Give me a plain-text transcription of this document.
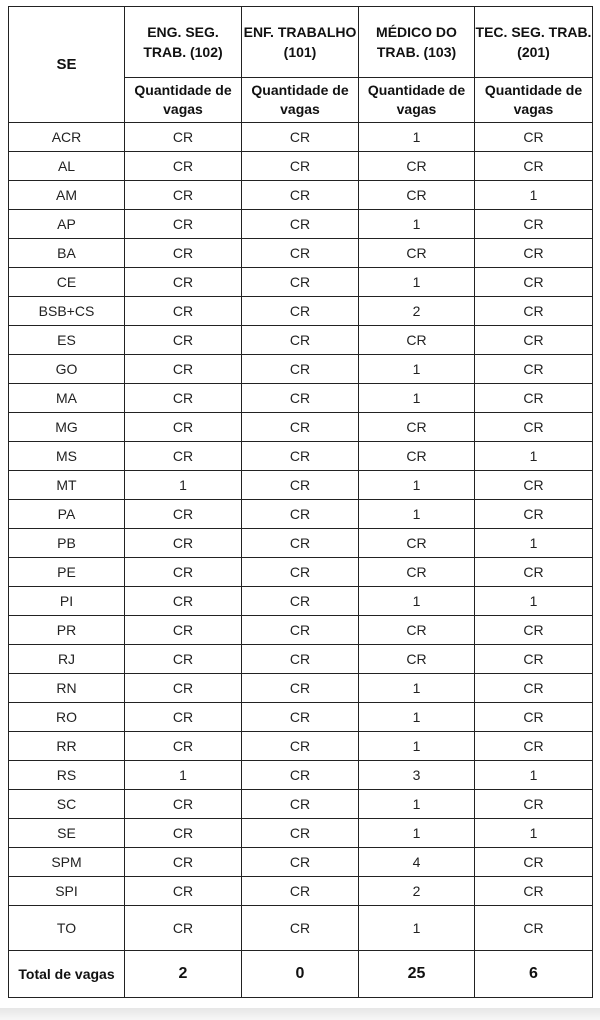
SE	ENG. SEG. TRAB. (102)	ENF. TRABALHO (101)	MÉDICO DO TRAB. (103)	TEC. SEG. TRAB. (201)
	Quantidade de vagas	Quantidade de vagas	Quantidade de vagas	Quantidade de vagas
ACR	CR	CR	1	CR
AL	CR	CR	CR	CR
AM	CR	CR	CR	1
AP	CR	CR	1	CR
BA	CR	CR	CR	CR
CE	CR	CR	1	CR
BSB+CS	CR	CR	2	CR
ES	CR	CR	CR	CR
GO	CR	CR	1	CR
MA	CR	CR	1	CR
MG	CR	CR	CR	CR
MS	CR	CR	CR	1
MT	1	CR	1	CR
PA	CR	CR	1	CR
PB	CR	CR	CR	1
PE	CR	CR	CR	CR
PI	CR	CR	1	1
PR	CR	CR	CR	CR
RJ	CR	CR	CR	CR
RN	CR	CR	1	CR
RO	CR	CR	1	CR
RR	CR	CR	1	CR
RS	1	CR	3	1
SC	CR	CR	1	CR
SE	CR	CR	1	1
SPM	CR	CR	4	CR
SPI	CR	CR	2	CR
TO	CR	CR	1	CR
Total de vagas	2	0	25	6
